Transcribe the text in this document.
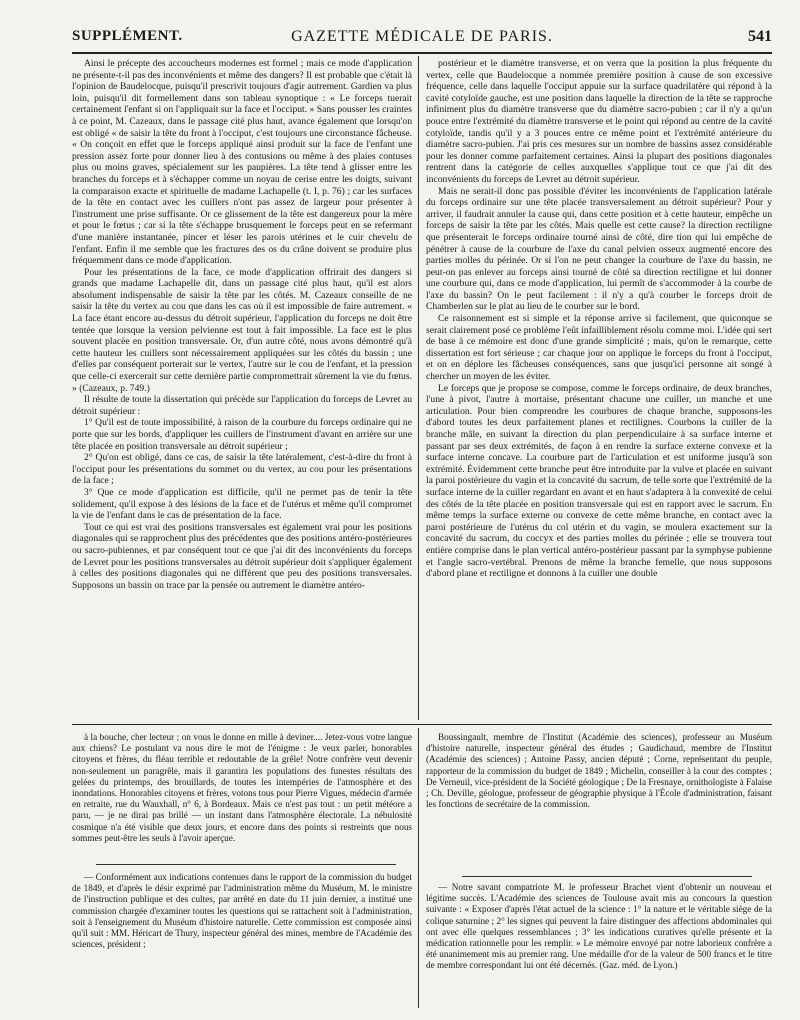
SUPPLÉMENT.	GAZETTE MÉDICALE DE PARIS.	541

Ainsi le précepte des accoucheurs modernes est formel ; mais ce mode d'application ne présente-t-il pas des inconvénients et même des dangers? Il est probable que c'était là l'opinion de Baudelocque, puisqu'il prescrivit toujours d'agir autrement. Gardien va plus loin, puisqu'il dit formellement dans son tableau synoptique : « Le forceps tuerait certainement l'enfant si on l'appliquait sur la face et l'occiput. » Sans pousser les craintes à ce point, M. Cazeaux, dans le passage cité plus haut, avance également que lorsqu'on est obligé « de saisir la tête du front à l'occiput, c'est toujours une circonstance fâcheuse. « On conçoit en effet que le forceps appliqué ainsi produit sur la face de l'enfant une pression assez forte pour donner lieu à des contusions ou même à des plaies contuses plus ou moins graves, spécialement sur les paupières. La tête tend à glisser entre les branches du forceps et à s'échapper comme un noyau de cerise entre les doigts, suivant la comparaison exacte et spirituelle de madame Lachapelle (t. I, p. 76) ; car les surfaces de la tête en contact avec les cuillers n'ont pas assez de largeur pour présenter à l'instrument une prise suffisante. Or ce glissement de la tête est dangereux pour la mère et pour le fœtus ; car si la tête s'échappe brusquement le forceps peut en se refermant d'une manière instantanée, pincer et léser les parois utérines et le cuir chevelu de l'enfant. Enfin il me semble que les fractures des os du crâne doivent se produire plus fréquemment dans ce mode d'application.

Pour les présentations de la face, ce mode d'application offrirait des dangers si grands que madame Lachapelle dit, dans un passage cité plus haut, qu'il est alors absolument indispensable de saisir la tête par les côtés. M. Cazeaux conseille de ne saisir la tête du vertex au cou que dans les cas où il est impossible de faire autrement. « La face étant encore au-dessus du détroit supérieur, l'application du forceps ne doit être tentée que lorsque la version pelvienne est tout à fait impossible. La face est le plus souvent placée en position transversale. Or, d'un autre côté, nous avons démontré qu'à cette hauteur les cuillers sont nécessairement appliquées sur les côtés du bassin ; une d'elles par conséquent porterait sur le vertex, l'autre sur le cou de l'enfant, et la pression que celle-ci exercerait sur cette dernière partie compromettrait sûrement la vie du fœtus. » (Cazeaux, p. 749.)

Il résulte de toute la dissertation qui précède sur l'application du forceps de Levret au détroit supérieur :

1° Qu'il est de toute impossibilité, à raison de la courbure du forceps ordinaire qui ne porte que sur les bords, d'appliquer les cuillers de l'instrument d'avant en arrière sur une tête placée en position transversale au détroit supérieur ;

2° Qu'on est obligé, dans ce cas, de saisir la tête latéralement, c'est-à-dire du front à l'occiput pour les présentations du sommet ou du vertex, au cou pour les présentations de la face ;

3° Que ce mode d'application est difficile, qu'il ne permet pas de tenir la tête solidement, qu'il expose à des lésions de la face et de l'utérus et même qu'il compromet la vie de l'enfant dans le cas de présentation de la face.

Tout ce qui est vrai des positions transversales est également vrai pour les positions diagonales qui se rapprochent plus des précédentes que des positions antéro-postérieures ou sacro-pubiennes, et par conséquent tout ce que j'ai dit des inconvénients du forceps de Levret pour les positions transversales au détroit supérieur doit s'appliquer également à celles des positions diagonales qui ne diffèrent que peu des positions transversales. Supposons un bassin on trace par la pensée ou autrement le diamètre antéro-

postérieur et le diamètre transverse, et on verra que la position la plus fréquente du vertex, celle que Baudelocque a nommée première position à cause de son excessive fréquence, celle dans laquelle l'occiput appuie sur la surface quadrilatère qui répond à la cavité cotyloïde gauche, est une position dans laquelle la direction de la tête se rapproche infiniment plus du diamètre transverse que du diamètre sacro-pubien ; car il n'y a qu'un pouce entre l'extrémité du diamètre transverse et le point qui répond au centre de la cavité cotyloïde, tandis qu'il y a 3 pouces entre ce même point et l'extrémité antérieure du diamètre sacro-pubien. J'ai pris ces mesures sur un nombre de bassins assez considérable pour les donner comme parfaitement certaines. Ainsi la plupart des positions diagonales rentrent dans la catégorie de celles auxquelles s'applique tout ce que j'ai dit des inconvénients du forceps de Levret au détroit supérieur.

Mais ne serait-il donc pas possible d'éviter les inconvénients de l'application latérale du forceps ordinaire sur une tête placée transversalement au détroit supérieur? Pour y arriver, il faudrait annuler la cause qui, dans cette position et à cette hauteur, empêche un forceps de saisir la tête par les côtés. Mais quelle est cette cause? la direction rectiligne que présenterait le forceps ordinaire tourné ainsi de côté, dire tion qui lui empêche de pénétrer à cause de la courbure de l'axe du canal pelvien osseux augmenté encore des parties molles du périnée. Or si l'on ne peut changer la courbure de l'axe du bassin, ne peut-on pas enlever au forceps ainsi tourné de côté sa direction rectiligne et lui donner une courbure qui, dans ce mode d'application, lui permît de s'accommoder à la courbe de l'axe du bassin? On le peut facilement : il n'y a qu'à courber le forceps droit de Chamberlen sur le plat au lieu de le courber sur le bord.

Ce raisonnement est si simple et la réponse arrive si facilement, que quiconque se serait clairement posé ce problème l'eût infailliblement résolu comme moi. L'idée qui sert de base à ce mémoire est donc d'une grande simplicité ; mais, qu'on le remarque, cette dissertation est fort sérieuse ; car chaque jour on applique le forceps du front à l'occiput, et on en déplore les fâcheuses conséquences, sans que jusqu'ici personne ait songé à chercher un moyen de les éviter.

Le forceps que je propose se compose, comme le forceps ordinaire, de deux branches, l'une à pivot, l'autre à mortaise, présentant chacune une cuiller, un manche et une articulation. Pour bien comprendre les courbures de chaque branche, supposons-les d'abord toutes les deux parfaitement planes et rectilignes. Courbons la cuiller de la branche mâle, en suivant la direction du plan perpendiculaire à sa surface interne et passant par ses deux extrémités, de façon à en rendre la surface externe convexe et la surface interne concave. La courbure part de l'articulation et est uniforme jusqu'à son extrémité. Évidemment cette branche peut être introduite par la vulve et placée en suivant la paroi postérieure du vagin et la concavité du sacrum, de telle sorte que l'extrémité de la surface interne de la cuiller regardant en avant et en haut s'adaptera à la convexité de celui des côtés de la tête placée en position transversale qui est en rapport avec le sacrum. En même temps la surface externe ou convexe de cette même branche, en contact avec la paroi postérieure de l'utérus du col utérin et du vagin, se moulera exactement sur la concavité du sacrum, du coccyx et des parties molles du périnée ; elle se trouvera tout entière comprise dans le plan vertical antéro-postérieur passant par la symphyse pubienne et l'angle sacro-vertébral. Prenons de même la branche femelle, que nous supposons d'abord plane et rectiligne et donnons à la cuiller une double

à la bouche, cher lecteur ; on vous le donne en mille à deviner.... Jetez-vous votre langue aux chiens? Le postulant va nous dire le mot de l'énigme : Je veux parler, honorables citoyens et frères, du fléau terrible et redoutable de la grêle! Notre confrère veut devenir non-seulement un paragrêle, mais il garantira les populations des funestes résultats des gelées du printemps, des brouillards, de toutes les intempéries de l'atmosphère et des inondations. Honorables citoyens et frères, votons tous pour Pierre Vigues, médecin d'armée en retraite, rue du Wauxhall, n° 6, à Bordeaux. Mais ce n'est pas tout : un petit météore a paru, — je ne dirai pas brillé — un instant dans l'atmosphère électorale. La nébulosité cosmique n'a été visible que deux jours, et encore dans des points si restreints que nous sommes peut-être les seuls à l'avoir aperçue.

— Conformément aux indications contenues dans le rapport de la commission du budget de 1849, et d'après le désir exprimé par l'administration même du Muséum, M. le ministre de l'instruction publique et des cultes, par arrêté en date du 11 juin dernier, a institué une commission chargée d'examiner toutes les questions qui se rattachent soit à l'administration, soit à l'enseignement du Muséum d'histoire naturelle. Cette commission est composée ainsi qu'il suit : MM. Héricart de Thury, inspecteur général des mines, membre de l'Académie des sciences, président ;

Boussingault, membre de l'Institut (Académie des sciences), professeur au Muséum d'histoire naturelle, inspecteur général des études ; Gaudichaud, membre de l'Institut (Académie des sciences) ; Antoine Passy, ancien député ; Corne, représentant du peuple, rapporteur de la commission du budget de 1849 ; Michelin, conseiller à la cour des comptes ; De Verneuil, vice-président de la Société géologique ; De la Fresnaye, ornithologiste à Falaise ; Ch. Deville, géologue, professeur de géographie physique à l'École d'administration, faisant les fonctions de secrétaire de la commission.

— Notre savant compatriote M. le professeur Brachet vient d'obtenir un nouveau et légitime succès. L'Académie des sciences de Toulouse avait mis au concours la question suivante : « Exposer d'après l'état actuel de la science : 1° la nature et le véritable siège de la colique saturnine ; 2° les signes qui peuvent la faire distinguer des affections abdominales qui ont avec elle quelques ressemblances ; 3° les indications curatives qu'elle présente et la médication rationnelle pour les remplir. » Le mémoire envoyé par notre laborieux confrère a été unanimement mis au premier rang. Une médaille d'or de la valeur de 500 francs et le titre de membre correspondant lui ont été décernés. (Gaz. méd. de Lyon.)
